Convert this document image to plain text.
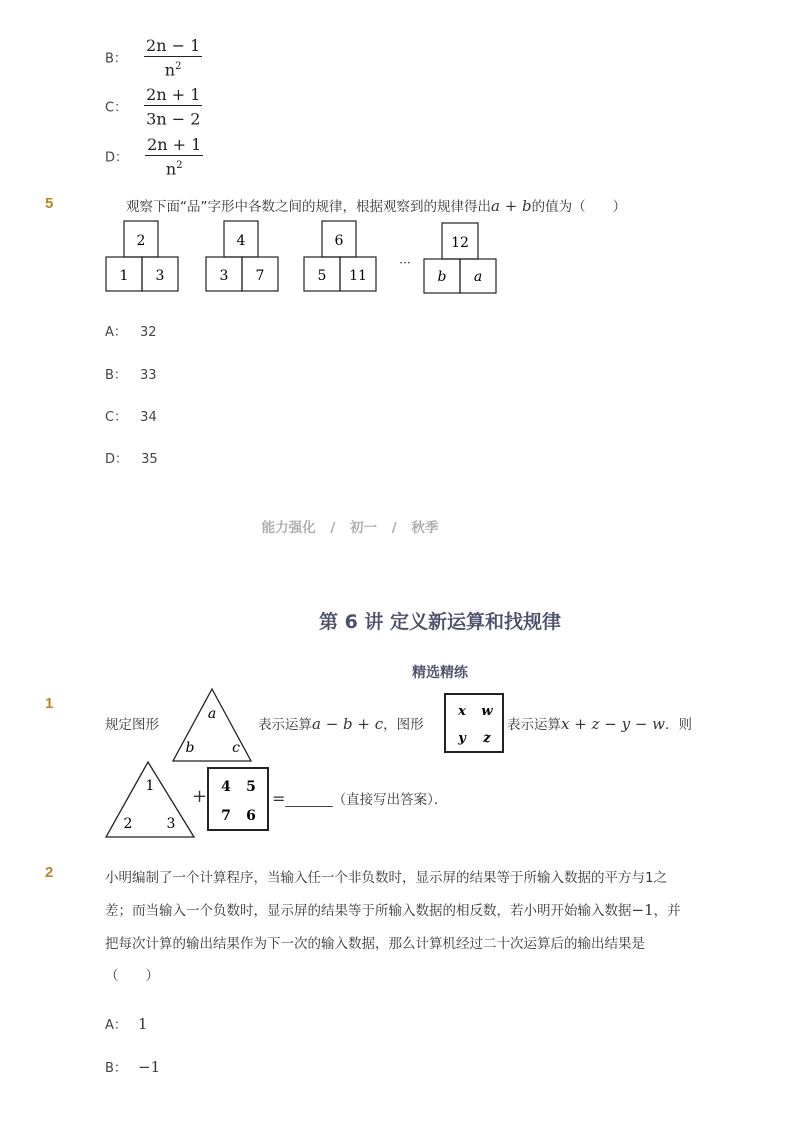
B： $\frac{2n - 1}{n^2}$
C： $\frac{2n + 1}{3n - 2}$
D： $\frac{2n + 1}{n^2}$
5	观察下面“品”字形中各数之间的规律，根据观察到的规律得出a + b的值为（　　）
2
1 3
4
3 7
6
5 11
···
12
b a
A： 32
B： 33
C： 34
D： 35
能力强化 / 初一 / 秋季
第 6 讲 定义新运算和找规律
精选精练
1
规定图形
a
b	c
表示运算a − b + c，图形
x w
y z
表示运算x + z − y − w．则
1
2 3
+ 4 5
7 6
=_______（直接写出答案）．
2	小明编制了一个计算程序，当输入任一个非负数时，显示屏的结果等于所输入数据的平方与1之
差；而当输入一个负数时，显示屏的结果等于所输入数据的相反数，若小明开始输入数据−1，并
把每次计算的输出结果作为下一次的输入数据，那么计算机经过二十次运算后的输出结果是
（　　）
A： 1
B： −1
